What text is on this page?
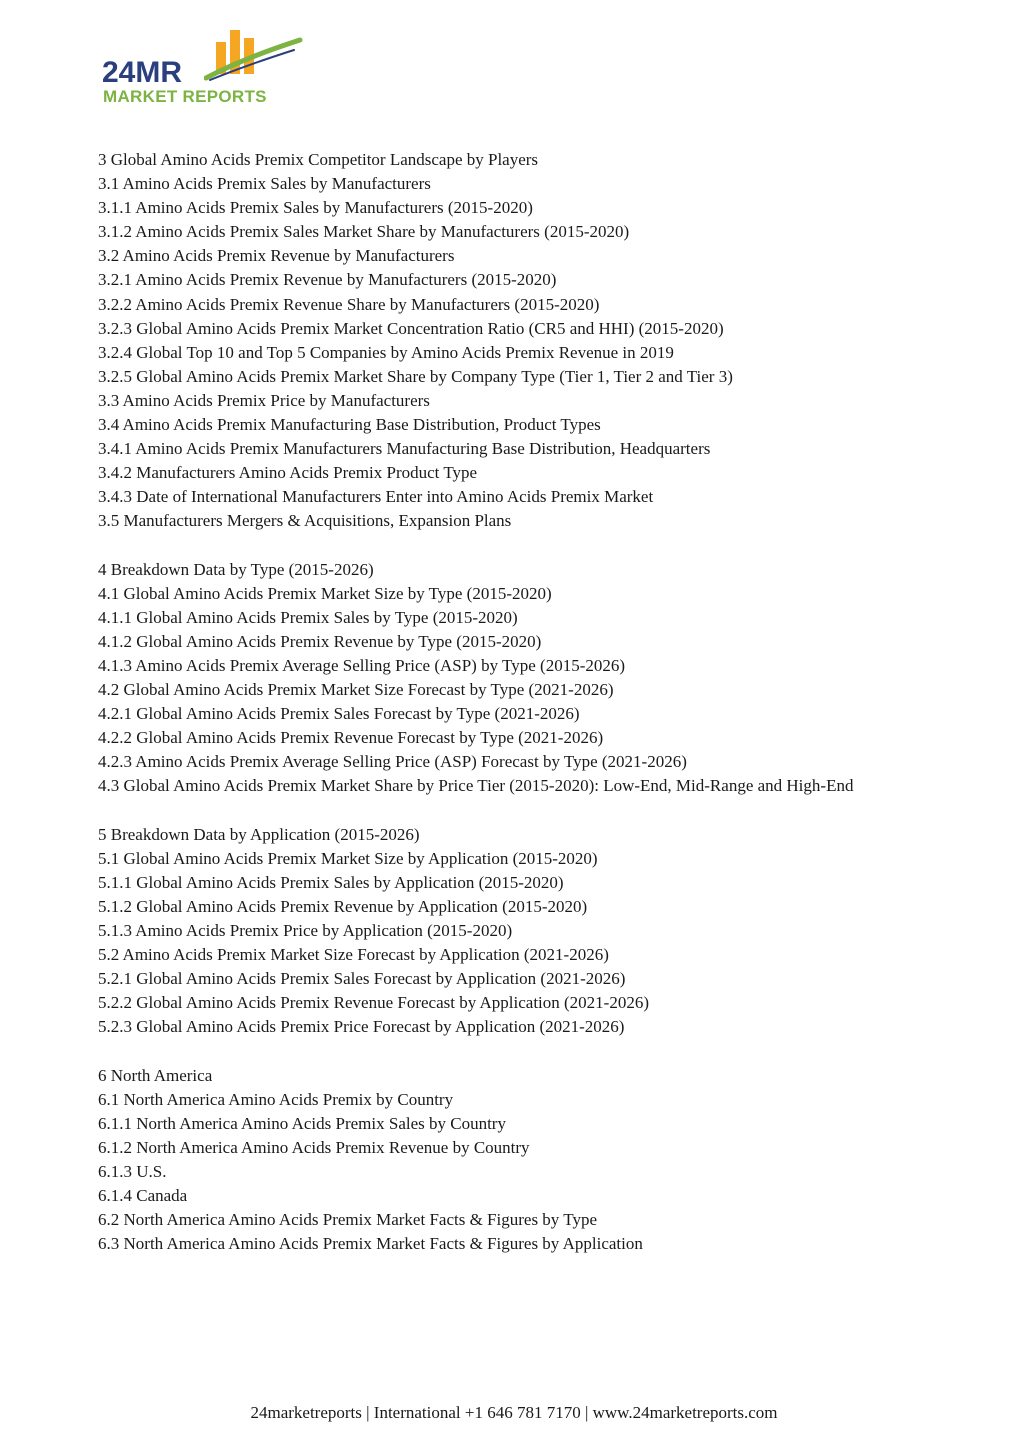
24MR
MARKET REPORTS
3 Global Amino Acids Premix Competitor Landscape by Players
3.1 Amino Acids Premix Sales by Manufacturers
3.1.1 Amino Acids Premix Sales by Manufacturers (2015-2020)
3.1.2 Amino Acids Premix Sales Market Share by Manufacturers (2015-2020)
3.2 Amino Acids Premix Revenue by Manufacturers
3.2.1 Amino Acids Premix Revenue by Manufacturers (2015-2020)
3.2.2 Amino Acids Premix Revenue Share by Manufacturers (2015-2020)
3.2.3 Global Amino Acids Premix Market Concentration Ratio (CR5 and HHI) (2015-2020)
3.2.4 Global Top 10 and Top 5 Companies by Amino Acids Premix Revenue in 2019
3.2.5 Global Amino Acids Premix Market Share by Company Type (Tier 1, Tier 2 and Tier 3)
3.3 Amino Acids Premix Price by Manufacturers
3.4 Amino Acids Premix Manufacturing Base Distribution, Product Types
3.4.1 Amino Acids Premix Manufacturers Manufacturing Base Distribution, Headquarters
3.4.2 Manufacturers Amino Acids Premix Product Type
3.4.3 Date of International Manufacturers Enter into Amino Acids Premix Market
3.5 Manufacturers Mergers & Acquisitions, Expansion Plans
4 Breakdown Data by Type (2015-2026)
4.1 Global Amino Acids Premix Market Size by Type (2015-2020)
4.1.1 Global Amino Acids Premix Sales by Type (2015-2020)
4.1.2 Global Amino Acids Premix Revenue by Type (2015-2020)
4.1.3 Amino Acids Premix Average Selling Price (ASP) by Type (2015-2026)
4.2 Global Amino Acids Premix Market Size Forecast by Type (2021-2026)
4.2.1 Global Amino Acids Premix Sales Forecast by Type (2021-2026)
4.2.2 Global Amino Acids Premix Revenue Forecast by Type (2021-2026)
4.2.3 Amino Acids Premix Average Selling Price (ASP) Forecast by Type (2021-2026)
4.3 Global Amino Acids Premix Market Share by Price Tier (2015-2020): Low-End, Mid-Range and High-End
5 Breakdown Data by Application (2015-2026)
5.1 Global Amino Acids Premix Market Size by Application (2015-2020)
5.1.1 Global Amino Acids Premix Sales by Application (2015-2020)
5.1.2 Global Amino Acids Premix Revenue by Application (2015-2020)
5.1.3 Amino Acids Premix Price by Application (2015-2020)
5.2 Amino Acids Premix Market Size Forecast by Application (2021-2026)
5.2.1 Global Amino Acids Premix Sales Forecast by Application (2021-2026)
5.2.2 Global Amino Acids Premix Revenue Forecast by Application (2021-2026)
5.2.3 Global Amino Acids Premix Price Forecast by Application (2021-2026)
6 North America
6.1 North America Amino Acids Premix by Country
6.1.1 North America Amino Acids Premix Sales by Country
6.1.2 North America Amino Acids Premix Revenue by Country
6.1.3 U.S.
6.1.4 Canada
6.2 North America Amino Acids Premix Market Facts & Figures by Type
6.3 North America Amino Acids Premix Market Facts & Figures by Application
24marketreports | International +1 646 781 7170 | www.24marketreports.com
